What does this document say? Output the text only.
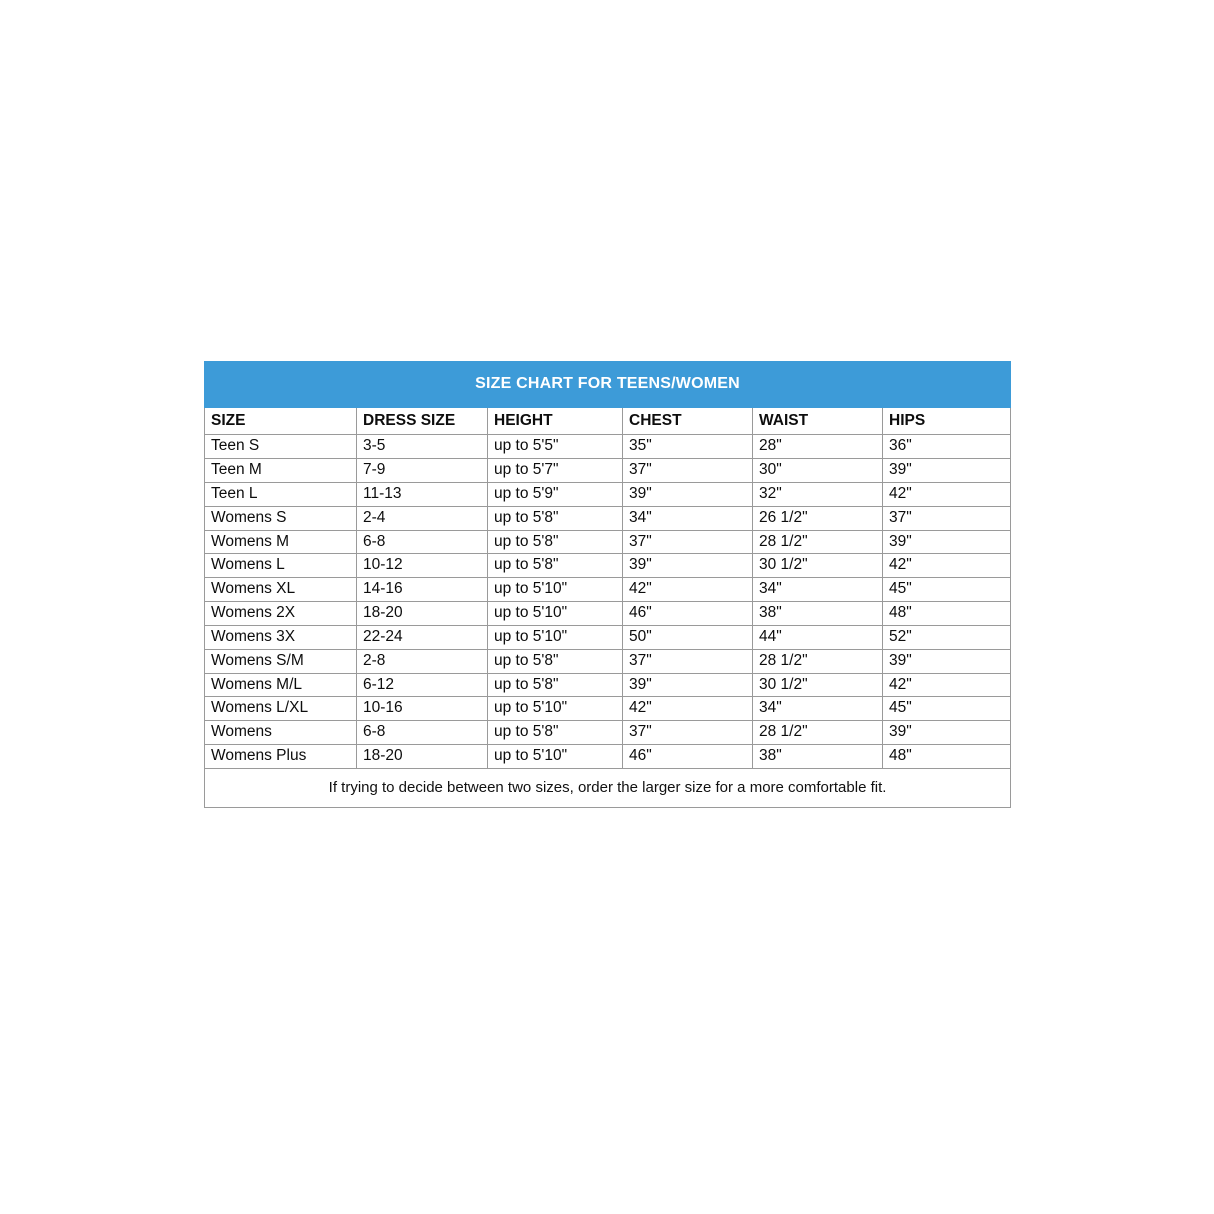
SIZE CHART FOR TEENS/WOMEN					
SIZE	DRESS SIZE	HEIGHT	CHEST	WAIST	HIPS
Teen S	3-5	up to 5'5"	35"	28"	36"
Teen M	7-9	up to 5'7"	37"	30"	39"
Teen L	11-13	up to 5'9"	39"	32"	42"
Womens S	2-4	up to 5'8"	34"	26 1/2"	37"
Womens M	6-8	up to 5'8"	37"	28 1/2"	39"
Womens L	10-12	up to 5'8"	39"	30 1/2"	42"
Womens XL	14-16	up to 5'10"	42"	34"	45"
Womens 2X	18-20	up to 5'10"	46"	38"	48"
Womens 3X	22-24	up to 5'10"	50"	44"	52"
Womens S/M	2-8	up to 5'8"	37"	28 1/2"	39"
Womens M/L	6-12	up to 5'8"	39"	30 1/2"	42"
Womens L/XL	10-16	up to 5'10"	42"	34"	45"
Womens	6-8	up to 5'8"	37"	28 1/2"	39"
Womens Plus	18-20	up to 5'10"	46"	38"	48"
If trying to decide between two sizes, order the larger size for a more comfortable fit.					
